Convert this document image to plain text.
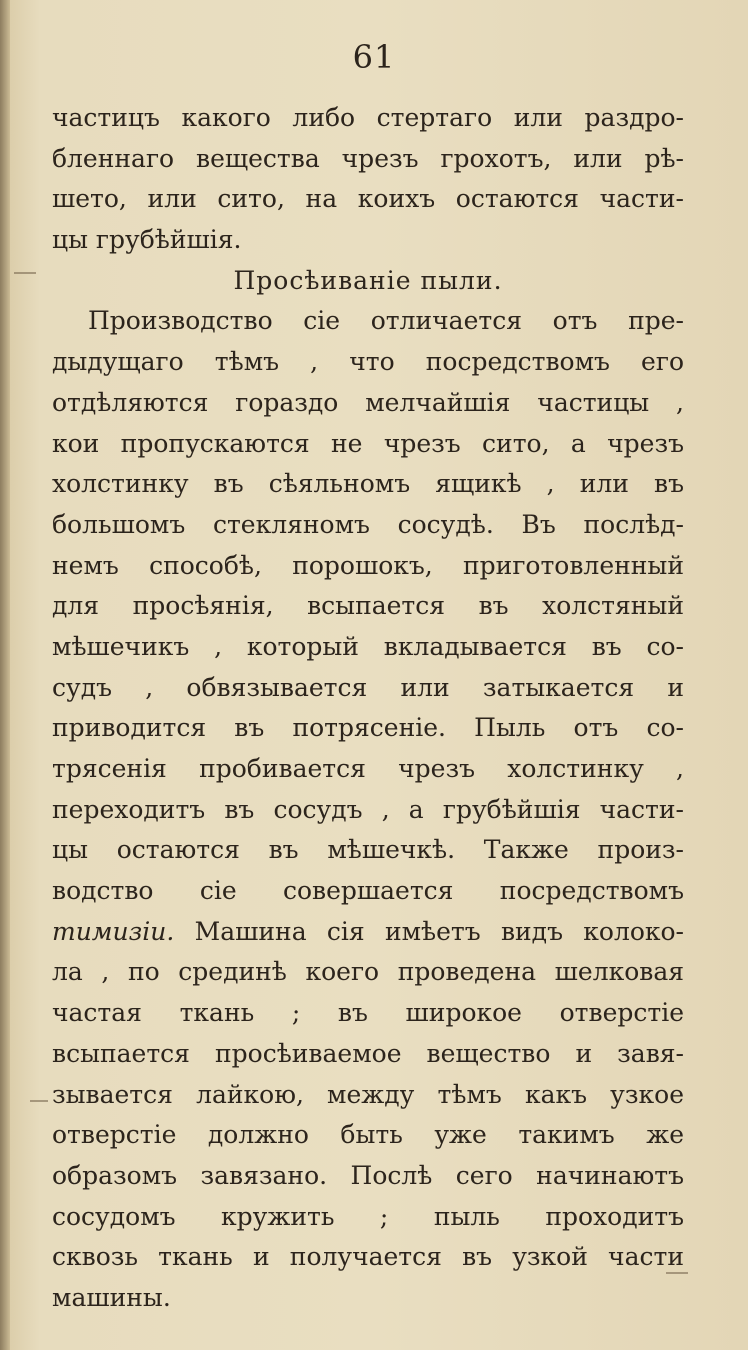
61
частицъ какого либо стертаго или раздро-
бленнаго вещества чрезъ грохотъ, или рѣ-
шето, или сито, на коихъ остаются части-
цы грубѣйшія.
Просѣиваніе пыли.
Производство сіе отличается отъ пре-
дыдущаго тѣмъ , что посредствомъ его
отдѣляются гораздо мелчайшія частицы ,
кои пропускаются не чрезъ сито, а чрезъ
холстинку въ сѣяльномъ ящикѣ , или въ
большомъ стекляномъ сосудѣ. Въ послѣд-
немъ способѣ, порошокъ, приготовленный
для просѣянія, всыпается въ холстяный
мѣшечикъ , который вкладывается въ со-
судъ , обвязывается или затыкается и
приводится въ потрясеніе. Пыль отъ со-
трясенія пробивается чрезъ холстинку ,
переходитъ въ сосудъ , а грубѣйшія части-
цы остаются въ мѣшечкѣ. Также произ-
водство сіе совершается посредствомъ
тимизіи. Машина сія имѣетъ видъ колоко-
ла , по срединѣ коего проведена шелковая
частая ткань ; въ широкое отверстіе
всыпается просѣиваемое вещество и завя-
зывается лайкою, между тѣмъ какъ узкое
отверстіе должно быть уже такимъ же
образомъ завязано. Послѣ сего начинаютъ
сосудомъ кружить ; пыль проходитъ
сквозь ткань и получается въ узкой части
машины.
